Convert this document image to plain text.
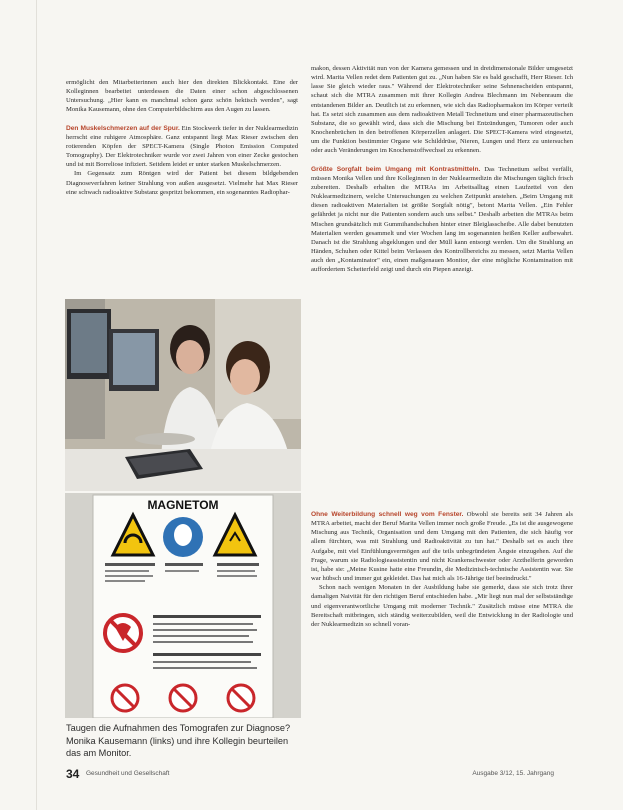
ermöglicht den Mitarbeiterinnen auch hier den direkten Blickkontakt. Eine der Kolleginnen bearbeitet unterdessen die Daten einer schon abgeschlossenen Untersuchung. „Hier kann es manchmal schon ganz schön hektisch werden", sagt Monika Kausemann, ohne den Computerbildschirm aus den Augen zu lassen.

Den Muskelschmerzen auf der Spur. Ein Stockwerk tiefer in der Nuklearmedizin herrscht eine ruhigere Atmosphäre. Ganz entspannt liegt Max Rieser zwischen den rotierenden Köpfen der SPECT-Kamera (Single Photon Emission Computed Tomography). Der Elektrotechniker wurde vor zwei Jahren von einer Zecke gestochen und ist mit Borreliose infiziert. Seitdem leidet er unter starken Muskelschmerzen.

Im Gegensatz zum Röntgen wird der Patient bei diesem bildgebenden Diagnoseverfahren keiner Strahlung von außen ausgesetzt. Vielmehr hat Max Rieser eine schwach radioaktive Substanz gespritzt bekommen, ein sogenanntes Radiophar-

MAGNETOM
Taugen die Aufnahmen des Tomografen zur Diagnose? Monika Kausemann (links) und ihre Kollegin beurteilen das am Monitor.

makon, dessen Aktivität nun von der Kamera gemessen und in dreidimensionale Bilder umgesetzt wird. Marita Vellen redet dem Patienten gut zu. „Nun haben Sie es bald geschafft, Herr Rieser. Ich lasse Sie gleich wieder raus." Während der Elektrotechniker seine Sehnenscheiden entspannt, schaut sich die MTRA zusammen mit ihrer Kollegin Andrea Blechmann im Nebenraum die entstandenen Bilder an. Deutlich ist zu erkennen, wie sich das Radiopharmakon im Körper verteilt hat. Es setzt sich zusammen aus dem radioaktiven Metall Technetium und einer pharmazeutischen Substanz, die so gewählt wird, dass sich die Mischung bei Entzündungen, Tumoren oder auch Knochenbrüchen in den betroffenen Körperzellen anlagert. Die SPECT-Kamera wird eingesetzt, um die Funktion bestimmter Organe wie Schilddrüse, Nieren, Lungen und Herz zu untersuchen oder auch Veränderungen im Knochenstoffwechsel zu erkennen.

Größte Sorgfalt beim Umgang mit Kontrastmitteln. Das Technetium selbst verfällt, müssen Monika Vellen und ihre Kolleginnen in der Nuklearmedizin die Mischungen täglich frisch zubereiten. Deshalb erhalten die MTRAs im Arbeitsalltag einen Laufzettel von den Nuklearmedizinern, welche Untersuchungen zu welchen Zeitpunkt anstehen. „Beim Umgang mit diesen radioaktiven Materialien ist größte Sorgfalt nötig", betont Marita Vellen. „Ein Fehler gefährdet ja nicht nur die Patienten sondern auch uns selbst." Deshalb arbeiten die MTRAs beim Mischen grundsätzlich mit Gummihandschuhen hinter einer Bleiglasscheibe. Alle dabei benutzten Materialien werden gesammelt und vier Wochen lang im sogenannten heißen Keller aufbewahrt. Danach ist die Strahlung abgeklungen und der Müll kann entsorgt werden. Um die Strahlung an Händen, Schuhen oder Kittel beim Verlassen des Kontrollbereichs zu messen, setzt Marita Vellen auch den „Kontaminator" ein, einen maßgenauen Monitor, der eine mögliche Kontamination mit auffordertem Scheiterfeld zeigt und durch ein Piepen anzeigt.

Ohne Weiterbildung schnell weg vom Fenster. Obwohl sie bereits seit 34 Jahren als MTRA arbeitet, macht der Beruf Marita Vellen immer noch große Freude. „Es ist die ausgewogene Mischung aus Technik, Organisation und dem Umgang mit den Patienten, die sich häufig vor allem fürchten, was mit Strahlung und Radioaktivität zu tun hat." Deshalb sei es auch ihre Aufgabe, mit viel Einfühlungsvermögen auf die teils unbegründeten Ängste einzugehen. Auf die Frage, warum sie Radiologieassistentin und nicht Krankenschwester oder Arzthelferin geworden ist, habe sie: „Meine Kusine hatte eine Freundin, die Medizinisch-technische Assistentin war. Sie war hübsch und immer gut gekleidet. Das hat mich als 16-Jährige tief beeindruckt."

Schon nach wenigen Monaten in der Ausbildung habe sie gemerkt, dass sie sich trotz ihrer damaligen Naivität für den richtigen Beruf entschieden habe. „Mir liegt nun mal der selbstständige und eigenverantwortliche Umgang mit moderner Technik." Zusätzlich müsse eine MTRA die Bereitschaft mitbringen, sich ständig weiterzubilden, weil die Entwicklung in der Radiologie und der Nuklearmedizin so schnell voran-

34 Gesundheit und Gesellschaft	Ausgabe 3/12, 15. Jahrgang
